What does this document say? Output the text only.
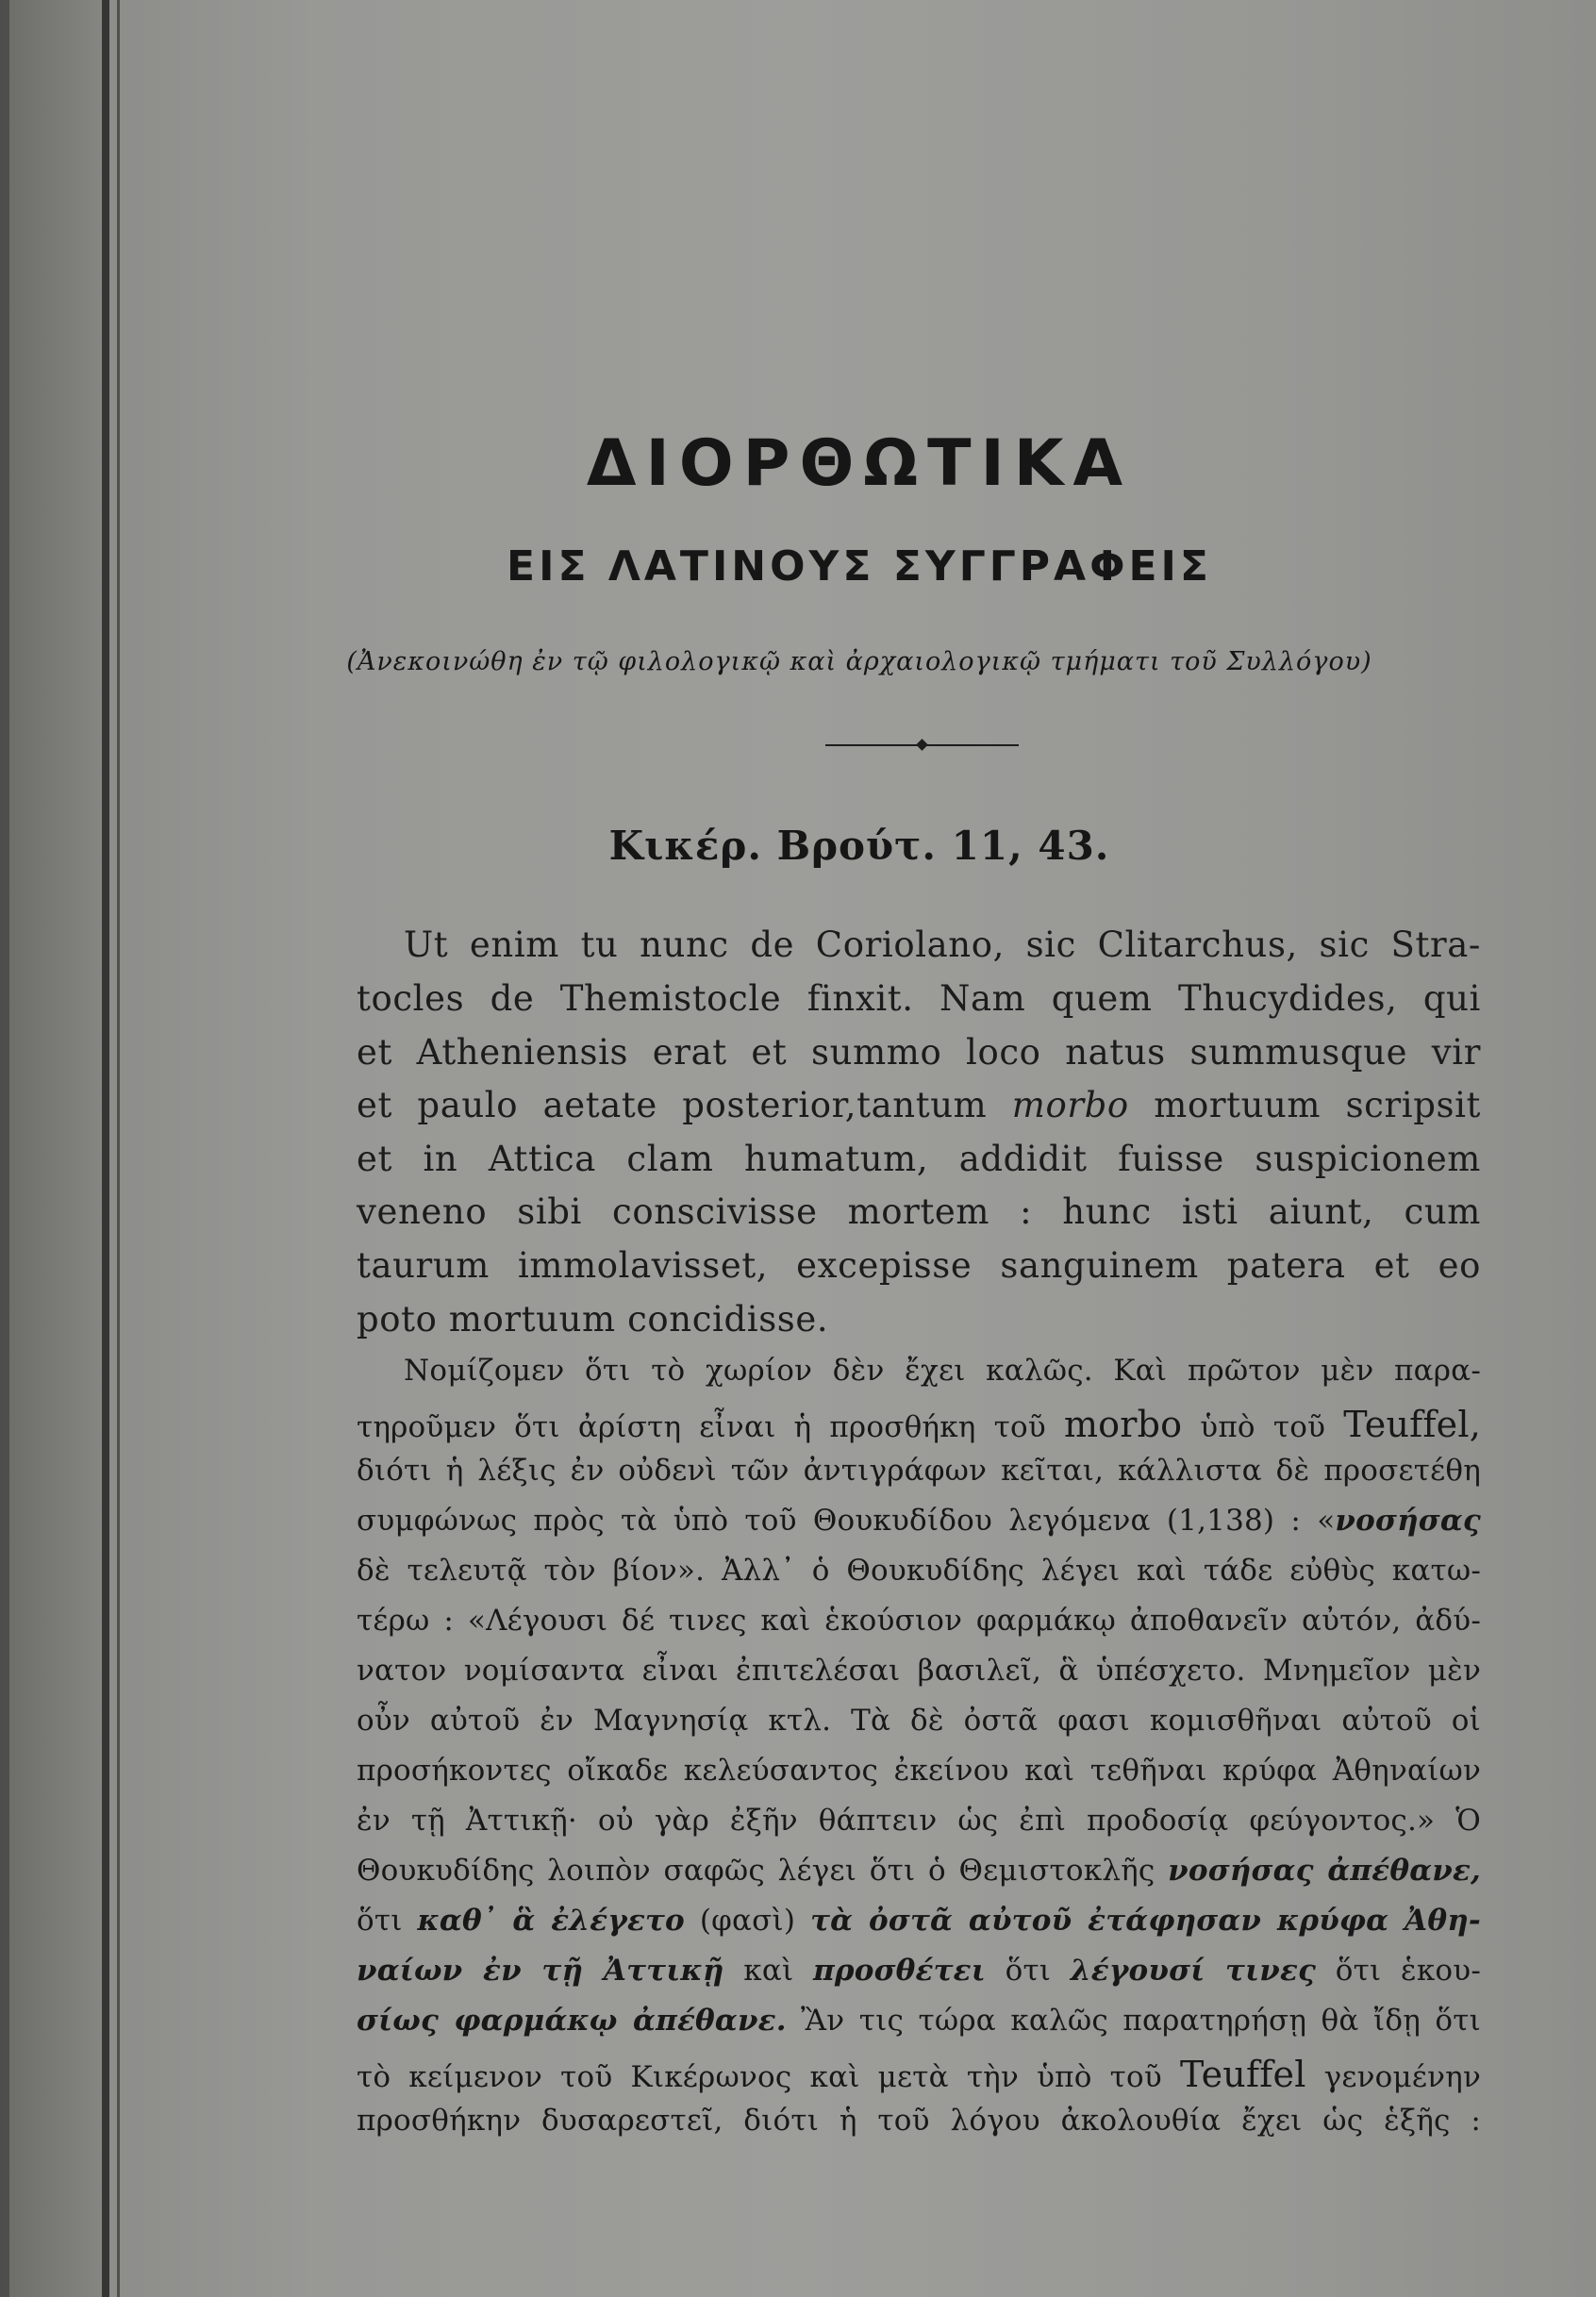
ΔΙΟΡΘΩΤΙΚΑ
ΕΙΣ ΛΑΤΙΝΟΥΣ ΣΥΓΓΡΑΦΕΙΣ

(Ἀνεκοινώθη ἐν τῷ φιλολογικῷ καὶ ἀρχαιολογικῷ τμήματι τοῦ Συλλόγου)

Κικέρ. Βρούτ. 11, 43.

Ut enim tu nunc de Coriolano, sic Clitarchus, sic Stra-

tocles de Themistocle finxit. Nam quem Thucydides, qui

et Atheniensis erat et summo loco natus summusque vir

et paulo aetate posterior,tantum morbo mortuum scripsit

et in Attica clam humatum, addidit fuisse suspicionem

veneno sibi conscivisse mortem : hunc isti aiunt, cum

taurum immolavisset, excepisse sanguinem patera et eo

poto mortuum concidisse.

Νομίζομεν ὅτι τὸ χωρίον δὲν ἔχει καλῶς. Καὶ πρῶτον μὲν παρα-

τηροῦμεν ὅτι ἀρίστη εἶναι ἡ προσθήκη τοῦ morbo ὑπὸ τοῦ Teuffel,

διότι ἡ λέξις ἐν οὐδενὶ τῶν ἀντιγράφων κεῖται, κάλλιστα δὲ προσετέθη

συμφώνως πρὸς τὰ ὑπὸ τοῦ Θουκυδίδου λεγόμενα (1,138) : «νοσήσας

δὲ τελευτᾷ τὸν βίον». Ἀλλ᾽ ὁ Θουκυδίδης λέγει καὶ τάδε εὐθὺς κατω-

τέρω : «Λέγουσι δέ τινες καὶ ἑκούσιον φαρμάκῳ ἀποθανεῖν αὐτόν, ἀδύ-

νατον νομίσαντα εἶναι ἐπιτελέσαι βασιλεῖ, ἃ ὑπέσχετο. Μνημεῖον μὲν

οὖν αὐτοῦ ἐν Μαγνησίᾳ κτλ. Τὰ δὲ ὀστᾶ φασι κομισθῆναι αὐτοῦ οἱ

προσήκοντες οἴκαδε κελεύσαντος ἐκείνου καὶ τεθῆναι κρύφα Ἀθηναίων

ἐν τῇ Ἀττικῇ· οὐ γὰρ ἐξῆν θάπτειν ὡς ἐπὶ προδοσίᾳ φεύγοντος.» Ὁ

Θουκυδίδης λοιπὸν σαφῶς λέγει ὅτι ὁ Θεμιστοκλῆς νοσήσας ἀπέθανε,

ὅτι καθ᾽ ἃ ἐλέγετο (φασὶ) τὰ ὀστᾶ αὐτοῦ ἐτάφησαν κρύφα Ἀθη-

ναίων ἐν τῇ Ἀττικῇ καὶ προσθέτει ὅτι λέγουσί τινες ὅτι ἑκου-

σίως φαρμάκῳ ἀπέθανε. Ἂν τις τώρα καλῶς παρατηρήσῃ θὰ ἴδῃ ὅτι

τὸ κείμενον τοῦ Κικέρωνος καὶ μετὰ τὴν ὑπὸ τοῦ Teuffel γενομένην

προσθήκην δυσαρεστεῖ, διότι ἡ τοῦ λόγου ἀκολουθία ἔχει ὡς ἑξῆς :
